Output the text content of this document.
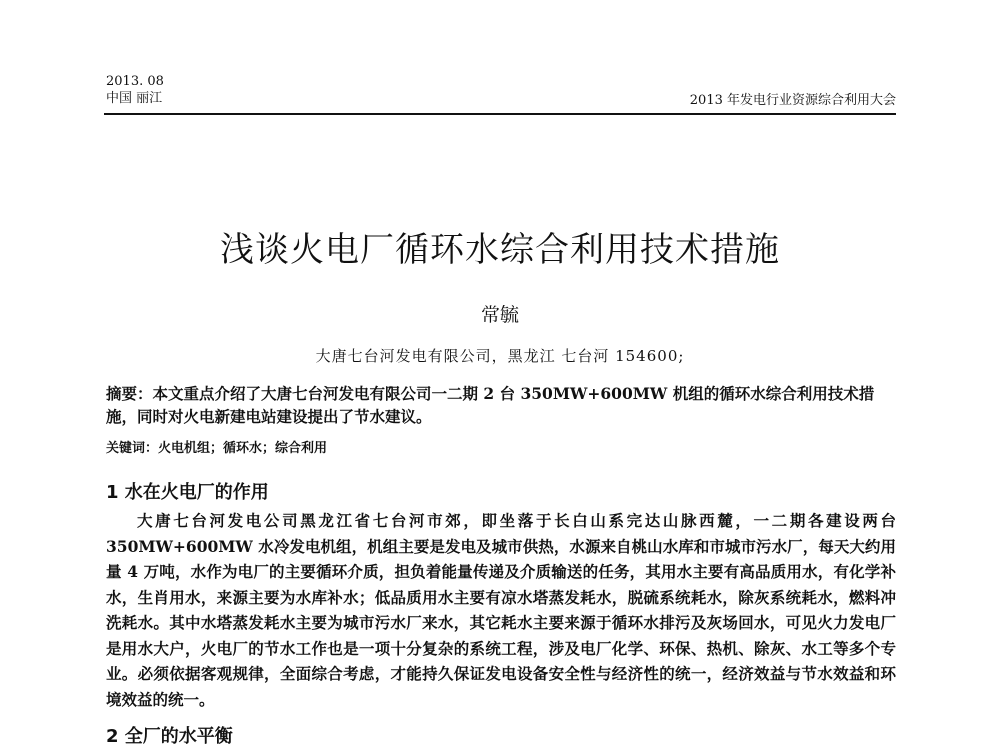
2013. 08
中国 丽江	2013 年发电行业资源综合利用大会
浅谈火电厂循环水综合利用技术措施
常毓
大唐七台河发电有限公司，黑龙江 七台河 154600;
摘要：本文重点介绍了大唐七台河发电有限公司一二期 2 台 350MW+600MW 机组的循环水综合利用技术措施，同时对火电新建电站建设提出了节水建议。
关键词：火电机组；循环水；综合利用
1 水在火电厂的作用
大唐七台河发电公司黑龙江省七台河市郊，即坐落于长白山系完达山脉西麓，一二期各建设两台 350MW+600MW 水冷发电机组，机组主要是发电及城市供热，水源来自桃山水库和市城市污水厂，每天大约用量 4 万吨，水作为电厂的主要循环介质，担负着能量传递及介质输送的任务，其用水主要有高品质用水，有化学补水，生肖用水，来源主要为水库补水；低品质用水主要有凉水塔蒸发耗水，脱硫系统耗水，除灰系统耗水，燃料冲洗耗水。其中水塔蒸发耗水主要为城市污水厂来水，其它耗水主要来源于循环水排污及灰场回水，可见火力发电厂是用水大户，火电厂的节水工作也是一项十分复杂的系统工程，涉及电厂化学、环保、热机、除灰、水工等多个专业。必须依据客观规律，全面综合考虑，才能持久保证发电设备安全性与经济性的统一，经济效益与节水效益和环境效益的统一。
2 全厂的水平衡
